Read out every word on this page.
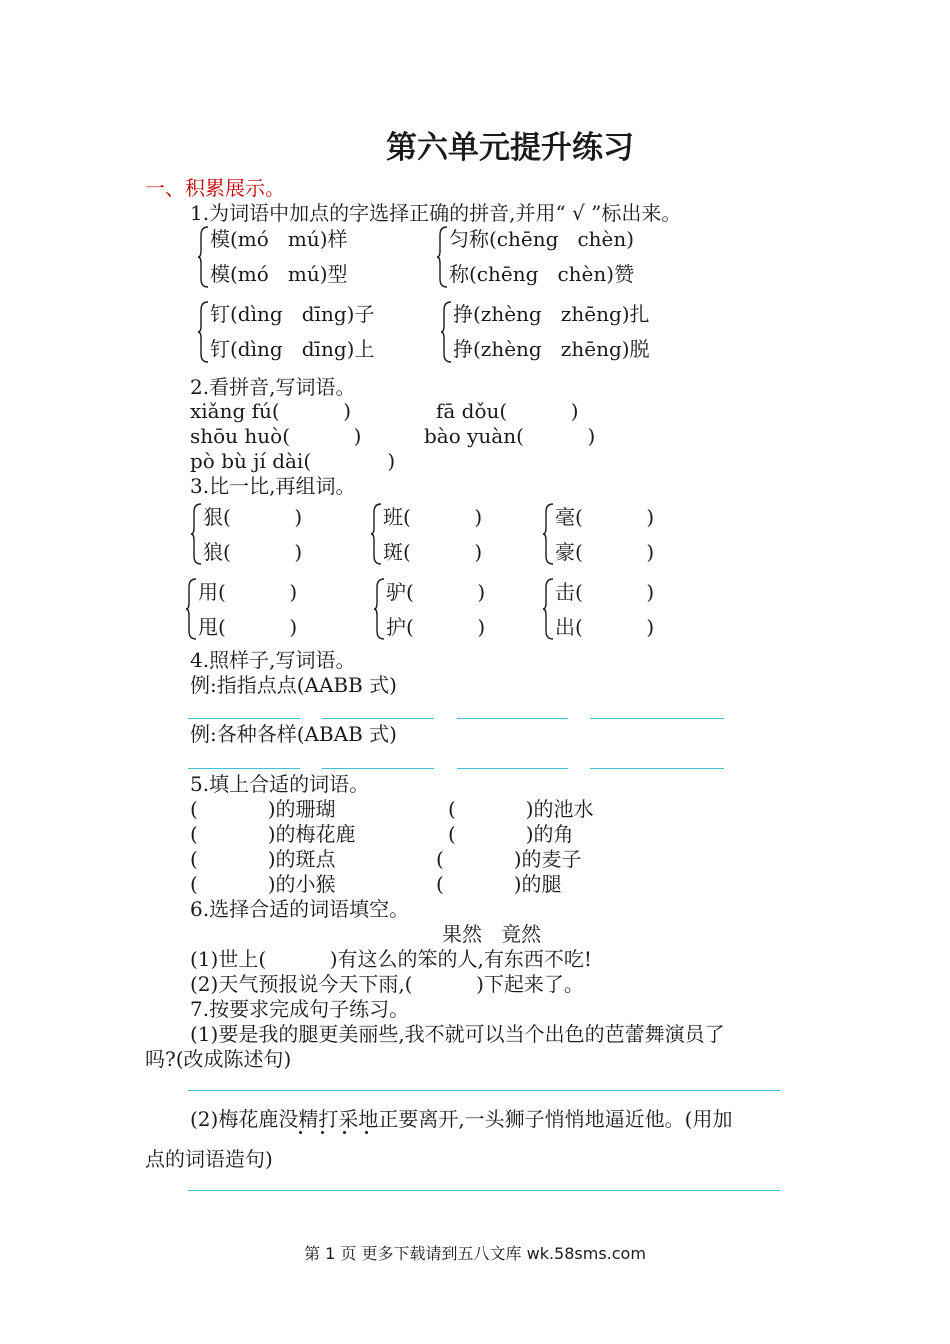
第六单元提升练习
一、积累展示。
1.为词语中加点的字选择正确的拼音,并用“ √ ”标出来。
模(mó   mú)样
模(mó   mú)型
匀称(chēng   chèn)
称(chēng   chèn)赞
钉(dìng   dīng)子
钉(dìng   dīng)上
挣(zhèng   zhēng)扎
挣(zhèng   zhēng)脱
2.看拼音,写词语。
xiǎng fú(          )	fā dǒu(          )
shōu huò(          )	bào yuàn(          )
pò bù jí dài(            )
3.比一比,再组词。
狠(          )
狼(          )
班(          )
斑(          )
毫(          )
豪(          )
用(          )
甩(          )
驴(          )
护(          )
击(          )
出(          )
4.照样子,写词语。
例:指指点点(AABB 式)
例:各种各样(ABAB 式)
5.填上合适的词语。
(           )的珊瑚	(           )的池水
(           )的梅花鹿	(           )的角
(           )的斑点	(           )的麦子
(           )的小猴	(           )的腿
6.选择合适的词语填空。
果然   竟然
(1)世上(          )有这么的笨的人,有东西不吃!
(2)天气预报说今天下雨,(          )下起来了。
7.按要求完成句子练习。
(1)要是我的腿更美丽些,我不就可以当个出色的芭蕾舞演员了
吗?(改成陈述句)
(2)梅花鹿没精打采地正要离开,一头狮子悄悄地逼近他。(用加
点的词语造句)
第 1 页 更多下载请到五八文库 wk.58sms.com
